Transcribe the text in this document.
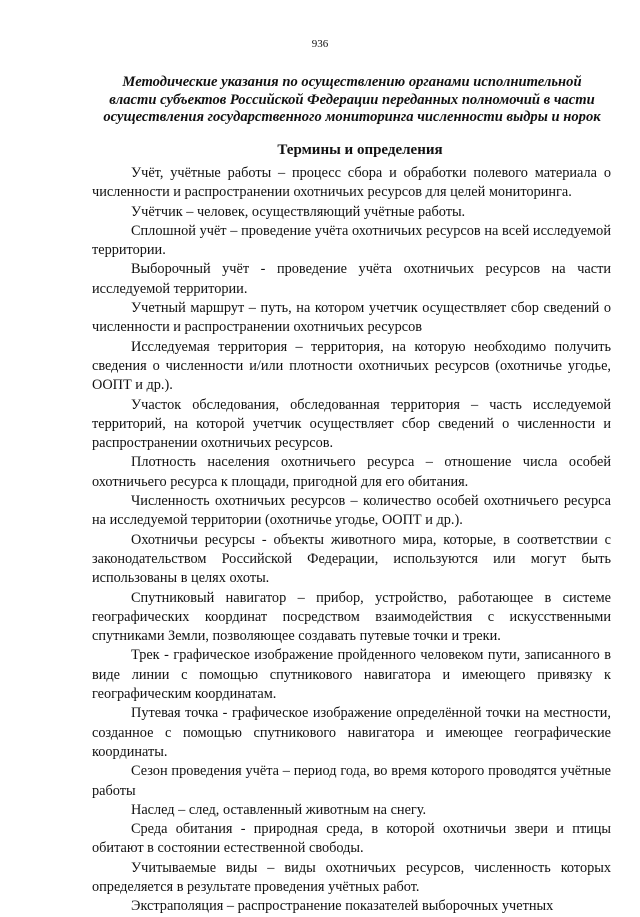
936
Методические указания по осуществлению органами исполнительной
власти субъектов Российской Федерации переданных полномочий в части
осуществления государственного мониторинга численности выдры и норок
Термины и определения

Учёт, учётные работы – процесс сбора и обработки полевого материала о численности и распространении охотничьих ресурсов для целей мониторинга.

Учётчик – человек, осуществляющий учётные работы.

Сплошной учёт – проведение учёта охотничьих ресурсов на всей исследуемой территории.

Выборочный учёт - проведение учёта охотничьих ресурсов на части исследуемой территории.

Учетный маршрут – путь, на котором учетчик осуществляет сбор сведений о численности и распространении охотничьих ресурсов

Исследуемая территория – территория, на которую необходимо получить сведения о численности и/или плотности охотничьих ресурсов (охотничье угодье, ООПТ и др.).

Участок обследования, обследованная территория – часть исследуемой территорий, на которой учетчик осуществляет сбор сведений о численности и распространении охотничьих ресурсов.

Плотность населения охотничьего ресурса – отношение числа особей охотничьего ресурса к площади, пригодной для его обитания.

Численность охотничьих ресурсов – количество особей охотничьего ресурса на исследуемой территории (охотничье угодье, ООПТ и др.).

Охотничьи ресурсы - объекты животного мира, которые, в соответствии с законодательством Российской Федерации, используются или могут быть использованы в целях охоты.

Спутниковый навигатор – прибор, устройство, работающее в системе географических координат посредством взаимодействия с искусственными спутниками Земли, позволяющее создавать путевые точки и треки.

Трек - графическое изображение пройденного человеком пути, записанного в виде линии с помощью спутникового навигатора и имеющего привязку к географическим координатам.

Путевая точка - графическое изображение определённой точки на местности, созданное с помощью спутникового навигатора и имеющее географические координаты.

Сезон проведения учёта – период года, во время которого проводятся учётные работы

Наслед – след, оставленный животным на снегу.

Среда обитания - природная среда, в которой охотничьи звери и птицы обитают в состоянии естественной свободы.

Учитываемые виды – виды охотничьих ресурсов, численность которых определяется в результате проведения учётных работ.

Экстраполяция – распространение показателей выборочных учетных
